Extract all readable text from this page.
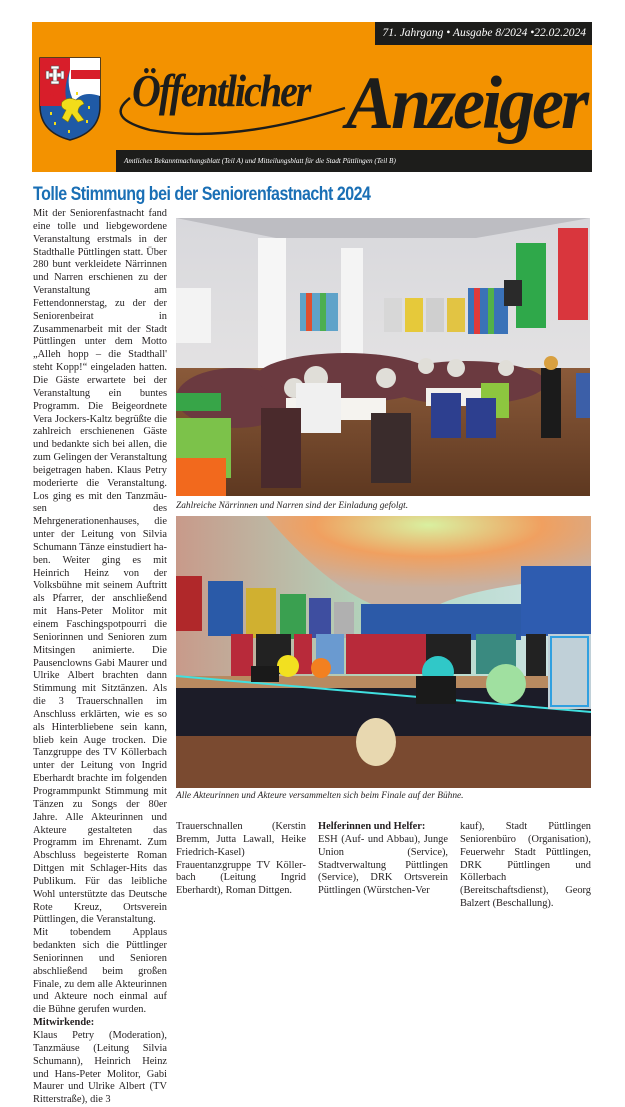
71. Jahrgang • Ausgabe 8/2024 •22.02.2024
Öffentlicher Anzeiger
Amtliches Bekanntmachungsblatt (Teil A) und Mitteilungsblatt für die Stadt Püttlingen (Teil B)
Tolle Stimmung bei der Seniorenfastnacht 2024

Mit der Seniorenfastnacht fand eine tolle und liebgewordene Veranstaltung erstmals in der Stadthalle Püttlingen statt. Über 280 bunt verkleidete Närrinnen und Narren erschienen zu der Veranstaltung am Fettendonnerstag, zu der der Seniorenbeirat in Zusammenarbeit mit der Stadt Püttlingen unter dem Motto „Alleh hopp – die Stadthall' steht Kopp!“ eingeladen hatten. Die Gäste erwartete bei der Veranstaltung ein buntes Programm. Die Beigeordnete Vera Jockers-Kaltz begrüßte die zahlreich erschienenen Gäste und bedankte sich bei allen, die zum Gelingen der Veranstaltung beigetragen haben. Klaus Petry moderierte die Veranstaltung. Los ging es mit den Tanzmäusen des Mehrgenerationenhauses, die unter der Leitung von Silvia Schumann Tänze einstudiert haben. Weiter ging es mit Heinrich Heinz von der Volksbühne mit seinem Auftritt als Pfarrer, der anschließend mit Hans-Peter Molitor mit einem Faschingspotpourri die Seniorinnen und Senioren zum Mitsingen animierte. Die Pausenclowns Gabi Maurer und Ulrike Albert brachten dann Stimmung mit Sitztänzen. Als die 3 Trauerschnallen im Anschluss erklärten, wie es so als Hinterbliebene sein kann, blieb kein Auge trocken. Die Tanzgruppe des TV Köllerbach unter der Leitung von Ingrid Eberhardt brachte im folgenden Programmpunkt Stimmung mit Tänzen zu Songs der 80er Jahre. Alle Akteurinnen und Akteure gestalteten das Programm im Ehrenamt. Zum Abschluss begeisterte Roman Dittgen mit Schlager-Hits das Publikum. Für das leibliche Wohl unterstützte das Deutsche Rote Kreuz, Ortsverein Püttlingen, die Veranstaltung.

Mit tobendem Applaus bedankten sich die Püttlinger Seniorinnen und Senioren abschließend beim großen Finale, zu dem alle Akteurinnen und Akteure noch einmal auf die Bühne gerufen wurden.

Mitwirkende:

Klaus Petry (Moderation), Tanzmäuse (Leitung Silvia Schumann), Heinrich Heinz und Hans-Peter Molitor, Gabi Maurer und Ulrike Albert (TV Ritterstraße), die 3

Zahlreiche Närrinnen und Narren sind der Einladung gefolgt.
Alle Akteurinnen und Akteure versammelten sich beim Finale auf der Bühne.

Trauerschnallen (Kerstin Bremm, Jutta Lawall, Heike Friedrich-Kasel) Frauentanzgruppe TV Köllerbach (Leitung Ingrid Eberhardt), Roman Dittgen.

Helferinnen und Helfer:

ESH (Auf- und Abbau), Junge Union (Service), Stadtverwaltung Püttlingen (Service), DRK Ortsverein Püttlingen (Würstchen-Ver

kauf), Stadt Püttlingen Seniorenbüro (Organisation), Feuerwehr Stadt Püttlingen, DRK Püttlingen und Köllerbach (Bereitschaftsdienst), Georg Balzert (Beschallung).
